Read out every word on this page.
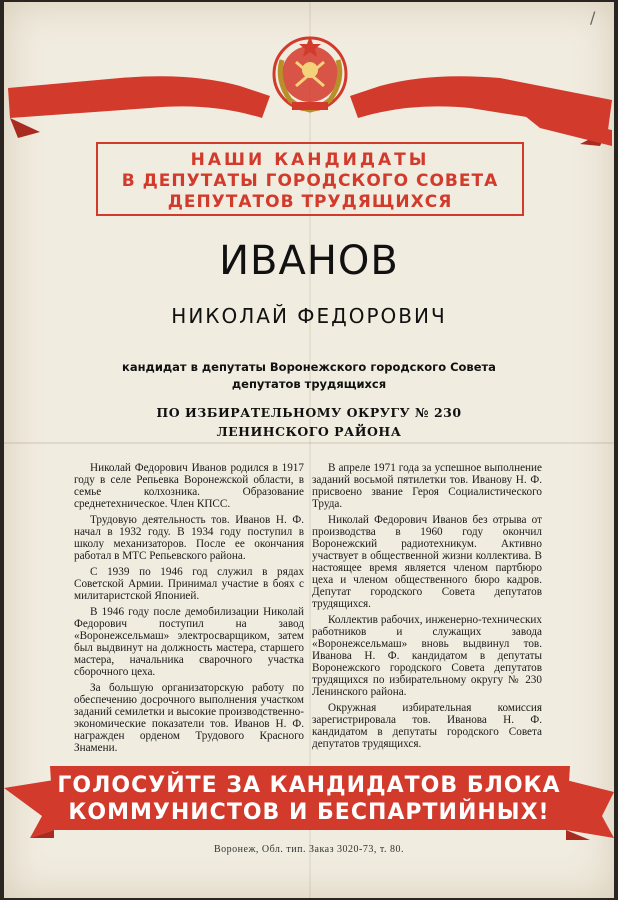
/
НАШИ КАНДИДАТЫ
В ДЕПУТАТЫ ГОРОДСКОГО СОВЕТА
ДЕПУТАТОВ ТРУДЯЩИХСЯ
ИВАНОВ
НИКОЛАЙ ФЕДОРОВИЧ
кандидат в депутаты Воронежского городского Совета
депутатов трудящихся
ПО ИЗБИРАТЕЛЬНОМУ ОКРУГУ № 230
ЛЕНИНСКОГО РАЙОНА

Николай Федорович Иванов родился в 1917 году в селе Репьевка Воронежской области, в семье колхозника. Образование среднетехническое. Член КПСС.

Трудовую деятельность тов. Иванов Н. Ф. начал в 1932 году. В 1934 году поступил в школу механизаторов. После ее окончания работал в МТС Репьевского района.

С 1939 по 1946 год служил в рядах Советской Армии. Принимал участие в боях с милитаристской Японией.

В 1946 году после демобилизации Николай Федорович поступил на завод «Воронежсельмаш» электросварщиком, затем был выдвинут на должность мастера, старшего мастера, начальника сварочного участка сборочного цеха.

За большую организаторскую работу по обеспечению досрочного выполнения участком заданий семилетки и высокие производственно-экономические показатели тов. Иванов Н. Ф. награжден орденом Трудового Красного Знамени.

В апреле 1971 года за успешное выполнение заданий восьмой пятилетки тов. Иванову Н. Ф. присвоено звание Героя Социалистического Труда.

Николай Федорович Иванов без отрыва от производства в 1960 году окончил Воронежский радиотехникум. Активно участвует в общественной жизни коллектива. В настоящее время является членом партбюро цеха и членом общественного бюро кадров. Депутат городского Совета депутатов трудящихся.

Коллектив рабочих, инженерно-технических работников и служащих завода «Воронежсельмаш» вновь выдвинул тов. Иванова Н. Ф. кандидатом в депутаты Воронежского городского Совета депутатов трудящихся по избирательному округу № 230 Ленинского района.

Окружная избирательная комиссия зарегистрировала тов. Иванова Н. Ф. кандидатом в депутаты городского Совета депутатов трудящихся.

ГОЛОСУЙТЕ ЗА КАНДИДАТОВ БЛОКА
КОММУНИСТОВ И БЕСПАРТИЙНЫХ!
Воронеж, Обл. тип. Заказ 3020-73, т. 80.
